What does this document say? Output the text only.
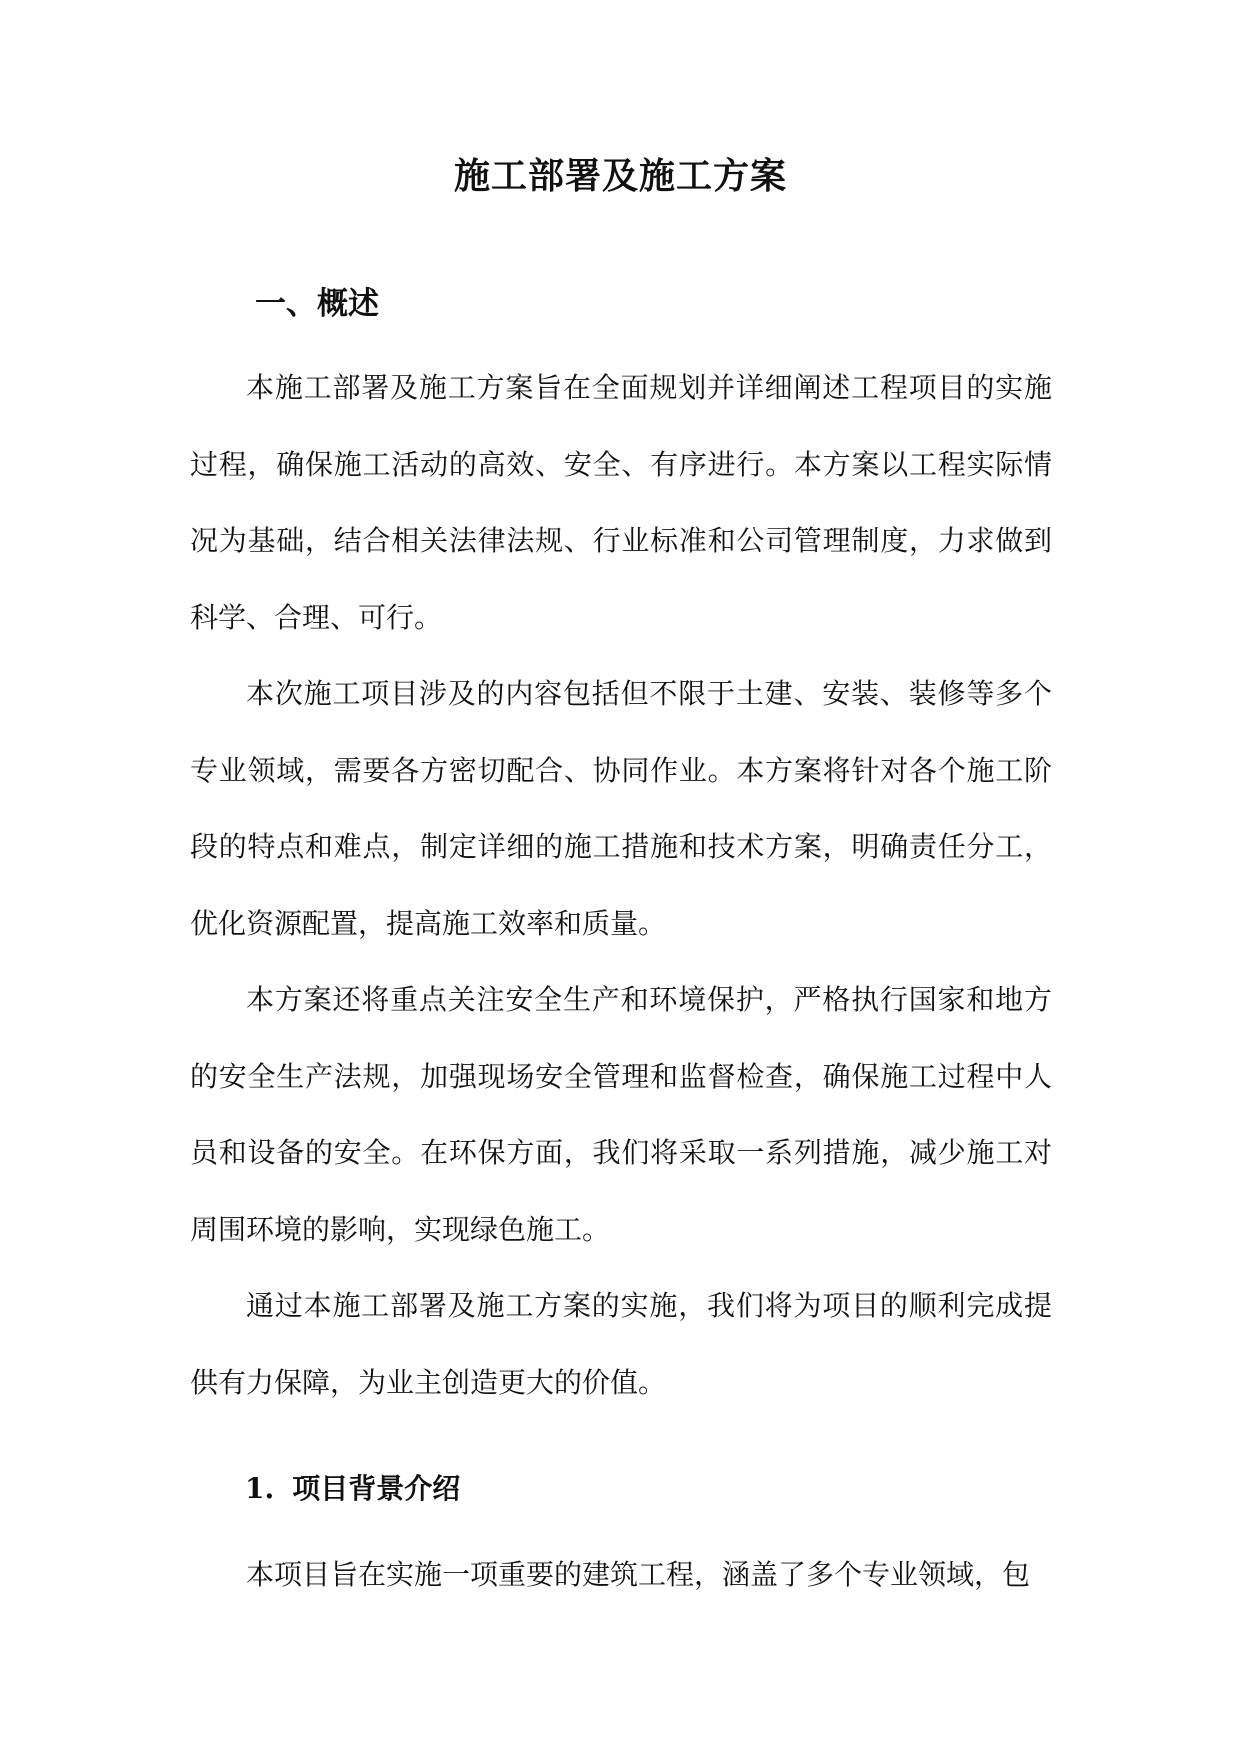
施工部署及施工方案
一、概述

本施工部署及施工方案旨在全面规划并详细阐述工程项目的实施过程，确保施工活动的高效、安全、有序进行。本方案以工程实际情况为基础，结合相关法律法规、行业标准和公司管理制度，力求做到科学、合理、可行。

本次施工项目涉及的内容包括但不限于土建、安装、装修等多个专业领域，需要各方密切配合、协同作业。本方案将针对各个施工阶段的特点和难点，制定详细的施工措施和技术方案，明确责任分工，优化资源配置，提高施工效率和质量。

本方案还将重点关注安全生产和环境保护，严格执行国家和地方的安全生产法规，加强现场安全管理和监督检查，确保施工过程中人员和设备的安全。在环保方面，我们将采取一系列措施，减少施工对周围环境的影响，实现绿色施工。

通过本施工部署及施工方案的实施，我们将为项目的顺利完成提供有力保障，为业主创造更大的价值。

1. 项目背景介绍

本项目旨在实施一项重要的建筑工程，涵盖了多个专业领域，包
